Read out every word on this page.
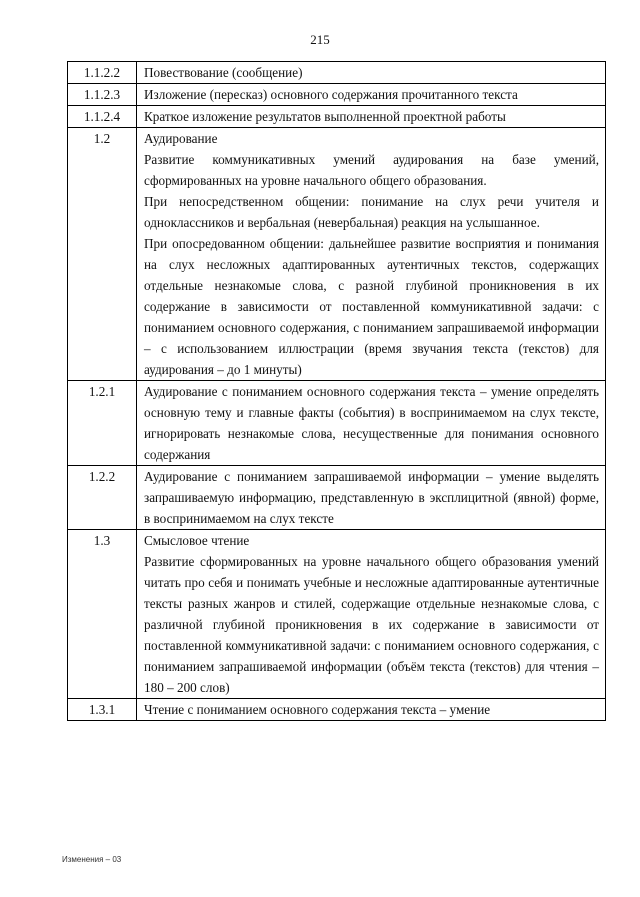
215
1.1.2.2	Повествование (сообщение)

1.1.2.3	Изложение (пересказ) основного содержания прочитанного текста

1.1.2.4	Краткое изложение результатов выполненной проектной работы

1.2	Аудирование
Развитие коммуникативных умений аудирования на базе умений, сформированных на уровне начального общего образования.
При непосредственном общении: понимание на слух речи учителя и одноклассников и вербальная (невербальная) реакция на услышанное.
При опосредованном общении: дальнейшее развитие восприятия и понимания на слух несложных адаптированных аутентичных текстов, содержащих отдельные незнакомые слова, с разной глубиной проникновения в их содержание в зависимости от поставленной коммуникативной задачи: с пониманием основного содержания, с пониманием запрашиваемой информации – с использованием иллюстрации (время звучания текста (текстов) для аудирования – до 1 минуты)

1.2.1	Аудирование с пониманием основного содержания текста – умение определять основную тему и главные факты (события) в воспринимаемом на слух тексте, игнорировать незнакомые слова, несущественные для понимания основного содержания

1.2.2	Аудирование с пониманием запрашиваемой информации – умение выделять запрашиваемую информацию, представленную в эксплицитной (явной) форме, в воспринимаемом на слух тексте

1.3	Смысловое чтение
Развитие сформированных на уровне начального общего образования умений читать про себя и понимать учебные и несложные адаптированные аутентичные тексты разных жанров и стилей, содержащие отдельные незнакомые слова, с различной глубиной проникновения в их содержание в зависимости от поставленной коммуникативной задачи: с пониманием основного содержания, с пониманием запрашиваемой информации (объём текста (текстов) для чтения – 180 – 200 слов)

1.3.1	Чтение с пониманием основного содержания текста – умение
Изменения – 03
